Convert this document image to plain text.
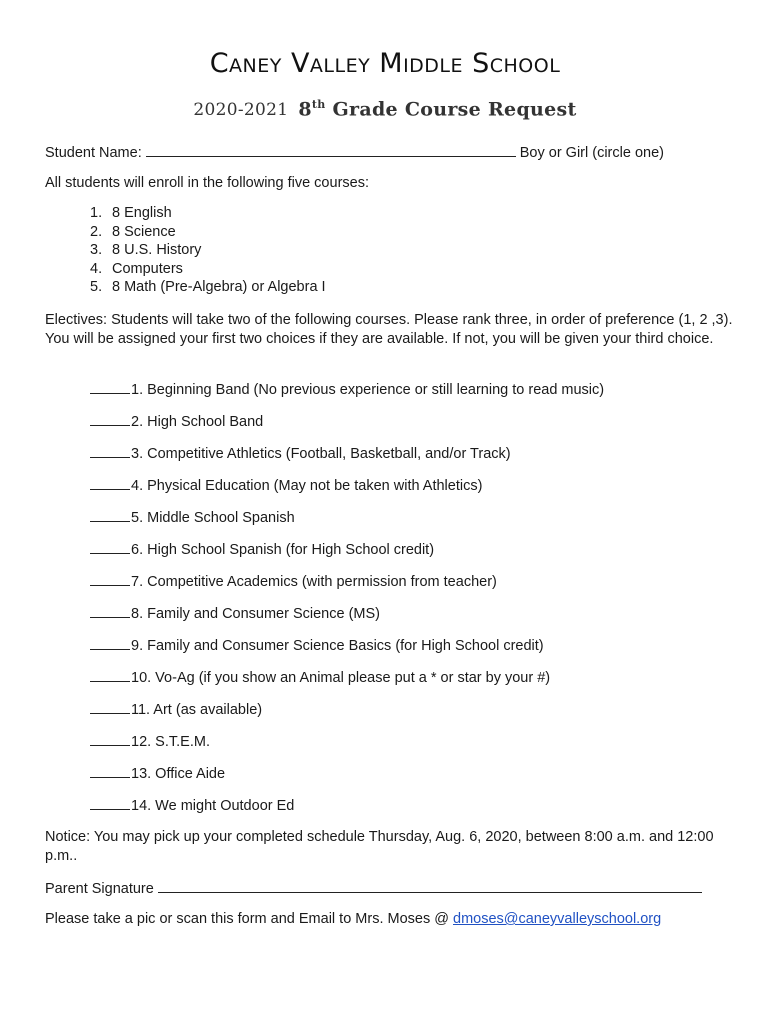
Caney Valley Middle School
2020-2021 8th Grade Course Request
Student Name:	Boy or Girl (circle one)
All students will enroll in the following five courses:
1. 8 English
2. 8 Science
3. 8 U.S. History
4. Computers
5. 8 Math (Pre-Algebra) or Algebra I
Electives: Students will take two of the following courses. Please rank three, in order of preference (1, 2 ,3). You will be assigned your first two choices if they are available. If not, you will be given your third choice.
1. Beginning Band (No previous experience or still learning to read music)
2. High School Band
3. Competitive Athletics (Football, Basketball, and/or Track)
4. Physical Education (May not be taken with Athletics)
5. Middle School Spanish
6. High School Spanish (for High School credit)
7. Competitive Academics (with permission from teacher)
8. Family and Consumer Science (MS)
9. Family and Consumer Science Basics (for High School credit)
10. Vo-Ag (if you show an Animal please put a * or star by your #)
11. Art (as available)
12. S.T.E.M.
13. Office Aide
14. We might Outdoor Ed
Notice: You may pick up your completed schedule Thursday, Aug. 6, 2020, between 8:00 a.m. and 12:00 p.m..
Parent Signature
Please take a pic or scan this form and Email to Mrs. Moses @ dmoses@caneyvalleyschool.org
